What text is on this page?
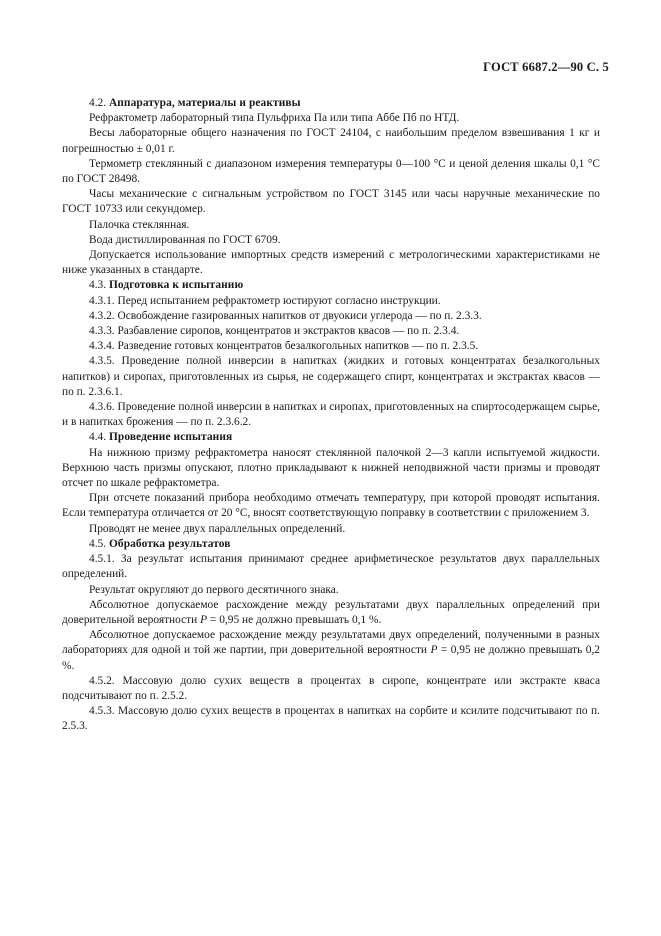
ГОСТ 6687.2—90 С. 5
4.2. Аппаратура, материалы и реактивы
Рефрактометр лабораторный типа Пульфриха Па или типа Аббе Пб по НТД.
Весы лабораторные общего назначения по ГОСТ 24104, с наибольшим пределом взвешивания 1 кг и погрешностью ± 0,01 г.
Термометр стеклянный с диапазоном измерения температуры 0—100 °С и ценой деления шкалы 0,1 °С по ГОСТ 28498.
Часы механические с сигнальным устройством по ГОСТ 3145 или часы наручные механические по ГОСТ 10733 или секундомер.
Палочка стеклянная.
Вода дистиллированная по ГОСТ 6709.
Допускается использование импортных средств измерений с метрологическими характеристиками не ниже указанных в стандарте.
4.3. Подготовка к испытанию
4.3.1. Перед испытанием рефрактометр юстируют согласно инструкции.
4.3.2. Освобождение газированных напитков от двуокиси углерода — по п. 2.3.3.
4.3.3. Разбавление сиропов, концентратов и экстрактов квасов — по п. 2.3.4.
4.3.4. Разведение готовых концентратов безалкогольных напитков — по п. 2.3.5.
4.3.5. Проведение полной инверсии в напитках (жидких и готовых концентратах безалкогольных напитков) и сиропах, приготовленных из сырья, не содержащего спирт, концентратах и экстрактах квасов — по п. 2.3.6.1.
4.3.6. Проведение полной инверсии в напитках и сиропах, приготовленных на спиртосодержащем сырье, и в напитках брожения — по п. 2.3.6.2.
4.4. Проведение испытания
На нижнюю призму рефрактометра наносят стеклянной палочкой 2—3 капли испытуемой жидкости. Верхнюю часть призмы опускают, плотно прикладывают к нижней неподвижной части призмы и проводят отсчет по шкале рефрактометра.
При отсчете показаний прибора необходимо отмечать температуру, при которой проводят испытания. Если температура отличается от 20 °С, вносят соответствующую поправку в соответствии с приложением 3.
Проводят не менее двух параллельных определений.
4.5. Обработка результатов
4.5.1. За результат испытания принимают среднее арифметическое результатов двух параллельных определений.
Результат округляют до первого десятичного знака.
Абсолютное допускаемое расхождение между результатами двух параллельных определений при доверительной вероятности P = 0,95 не должно превышать 0,1 %.
Абсолютное допускаемое расхождение между результатами двух определений, полученными в разных лабораториях для одной и той же партии, при доверительной вероятности P = 0,95 не должно превышать 0,2 %.
4.5.2. Массовую долю сухих веществ в процентах в сиропе, концентрате или экстракте кваса подсчитывают по п. 2.5.2.
4.5.3. Массовую долю сухих веществ в процентах в напитках на сорбите и ксилите подсчитывают по п. 2.5.3.
